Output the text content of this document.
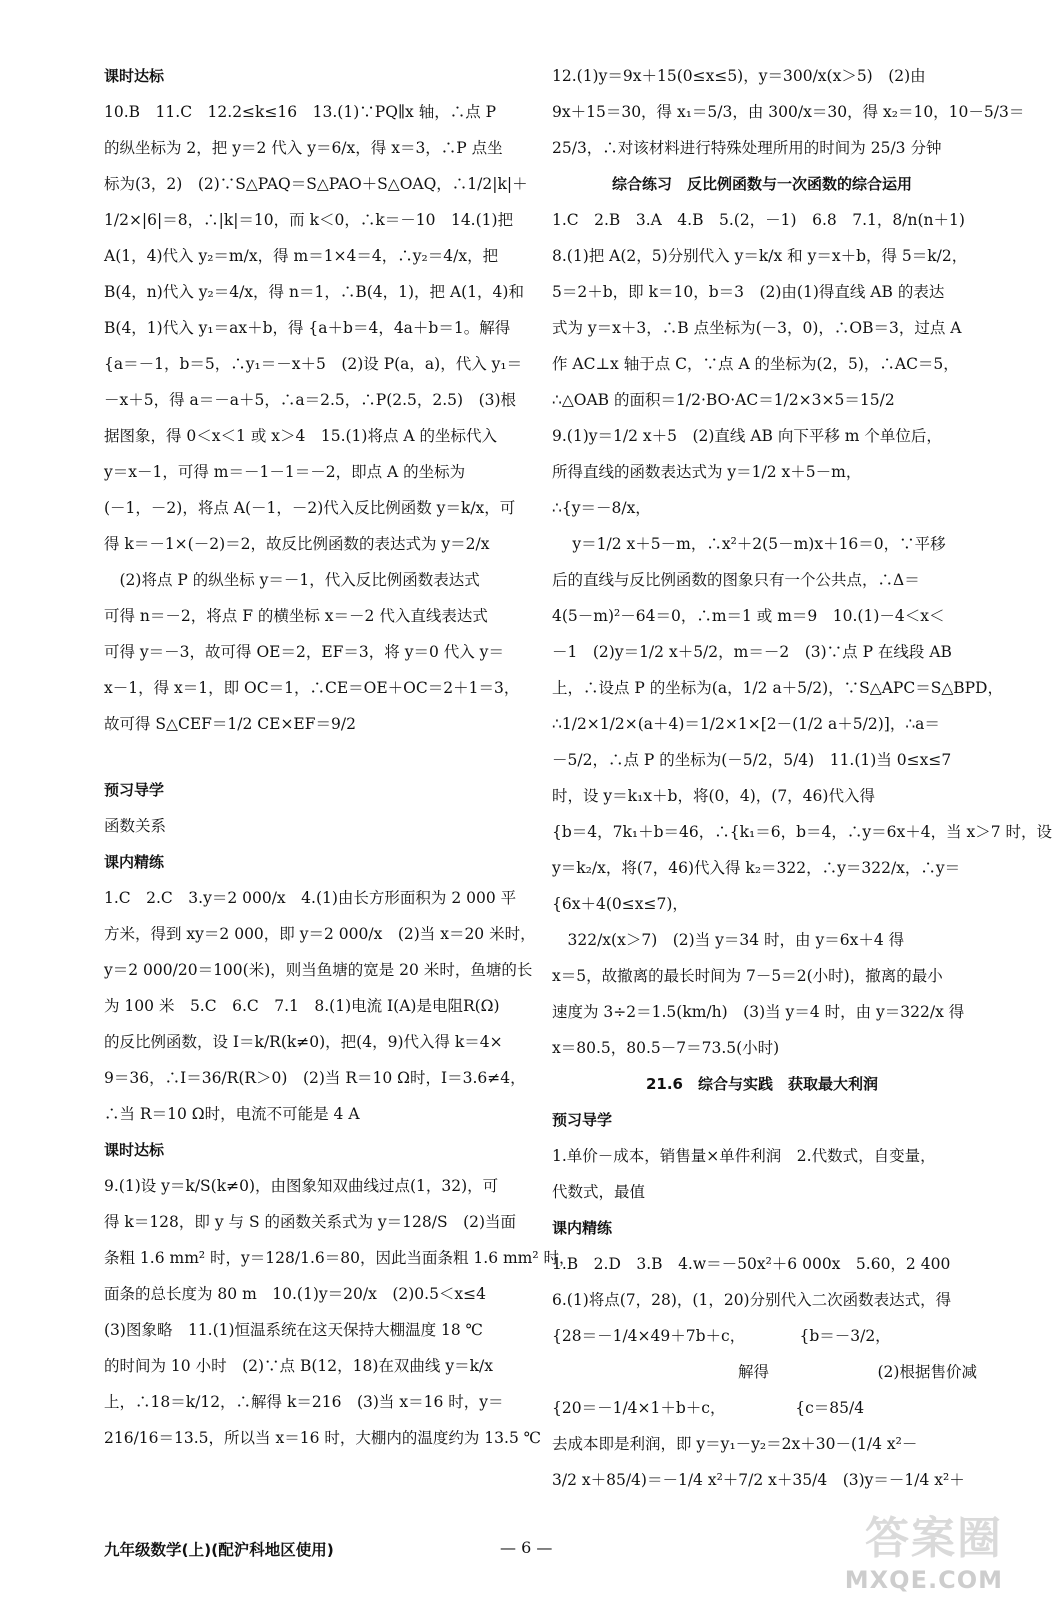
课时达标
10.B　11.C　12.2≤k≤16　13.(1)∵PQ∥x 轴，∴点 P
的纵坐标为 2，把 y＝2 代入 y＝6/x，得 x＝3，∴P 点坐
标为(3，2)　(2)∵S△PAQ＝S△PAO＋S△OAQ，∴1/2|k|＋
1/2×|6|＝8，∴|k|＝10，而 k＜0，∴k＝－10　14.(1)把
A(1，4)代入 y₂＝m/x，得 m＝1×4＝4，∴y₂＝4/x，把
B(4，n)代入 y₂＝4/x，得 n＝1，∴B(4，1)，把 A(1，4)和
B(4，1)代入 y₁＝ax＋b，得 {a＋b＝4，4a＋b＝1。解得
{a＝－1，b＝5，∴y₁＝－x＋5　(2)设 P(a，a)，代入 y₁＝
－x＋5，得 a＝－a＋5，∴a＝2.5，∴P(2.5，2.5)　(3)根
据图象，得 0＜x＜1 或 x＞4　15.(1)将点 A 的坐标代入
y＝x－1，可得 m＝－1－1＝－2，即点 A 的坐标为
(－1，－2)，将点 A(－1，－2)代入反比例函数 y＝k/x，可
得 k＝－1×(－2)＝2，故反比例函数的表达式为 y＝2/x
　(2)将点 P 的纵坐标 y＝－1，代入反比例函数表达式
可得 n＝－2，将点 F 的横坐标 x＝－2 代入直线表达式
可得 y＝－3，故可得 OE＝2，EF＝3，将 y＝0 代入 y＝
x－1，得 x＝1，即 OC＝1，∴CE＝OE＋OC＝2＋1＝3，
故可得 S△CEF＝1/2 CE×EF＝9/2
预习导学
函数关系
课内精练
1.C　2.C　3.y＝2 000/x　4.(1)由长方形面积为 2 000 平
方米，得到 xy＝2 000，即 y＝2 000/x　(2)当 x＝20 米时，
y＝2 000/20＝100(米)，则当鱼塘的宽是 20 米时，鱼塘的长
为 100 米　5.C　6.C　7.1　8.(1)电流 I(A)是电阻R(Ω)
的反比例函数，设 I＝k/R(k≠0)，把(4，9)代入得 k＝4×
9＝36，∴I＝36/R(R＞0)　(2)当 R＝10 Ω时，I＝3.6≠4，
∴当 R＝10 Ω时，电流不可能是 4 A
课时达标
9.(1)设 y＝k/S(k≠0)，由图象知双曲线过点(1，32)，可
得 k＝128，即 y 与 S 的函数关系式为 y＝128/S　(2)当面
条粗 1.6 mm² 时，y＝128/1.6＝80，因此当面条粗 1.6 mm² 时，
面条的总长度为 80 m　10.(1)y＝20/x　(2)0.5＜x≤4
(3)图象略　11.(1)恒温系统在这天保持大棚温度 18 ℃
的时间为 10 小时　(2)∵点 B(12，18)在双曲线 y＝k/x
上，∴18＝k/12，∴解得 k＝216　(3)当 x＝16 时，y＝
216/16＝13.5，所以当 x＝16 时，大棚内的温度约为 13.5 ℃
12.(1)y＝9x＋15(0≤x≤5)，y＝300/x(x＞5)　(2)由
9x＋15＝30，得 x₁＝5/3，由 300/x＝30，得 x₂＝10，10－5/3＝
25/3，∴对该材料进行特殊处理所用的时间为 25/3 分钟
综合练习　反比例函数与一次函数的综合运用
1.C　2.B　3.A　4.B　5.(2，－1)　6.8　7.1，8/n(n＋1)
8.(1)把 A(2，5)分别代入 y＝k/x 和 y＝x＋b，得 5＝k/2，
5＝2＋b，即 k＝10，b＝3　(2)由(1)得直线 AB 的表达
式为 y＝x＋3，∴B 点坐标为(－3，0)，∴OB＝3，过点 A
作 AC⊥x 轴于点 C，∵点 A 的坐标为(2，5)，∴AC＝5，
∴△OAB 的面积＝1/2·BO·AC＝1/2×3×5＝15/2
9.(1)y＝1/2 x＋5　(2)直线 AB 向下平移 m 个单位后，
所得直线的函数表达式为 y＝1/2 x＋5－m，
∴{y＝－8/x，
　 y＝1/2 x＋5－m，∴x²＋2(5－m)x＋16＝0，∵平移
后的直线与反比例函数的图象只有一个公共点，∴Δ＝
4(5－m)²－64＝0，∴m＝1 或 m＝9　10.(1)－4＜x＜
－1　(2)y＝1/2 x＋5/2，m＝－2　(3)∵点 P 在线段 AB
上，∴设点 P 的坐标为(a，1/2 a＋5/2)，∵S△APC＝S△BPD，
∴1/2×1/2×(a＋4)＝1/2×1×[2－(1/2 a＋5/2)]，∴a＝
－5/2，∴点 P 的坐标为(－5/2，5/4)　11.(1)当 0≤x≤7
时，设 y＝k₁x＋b，将(0，4)，(7，46)代入得
{b＝4，7k₁＋b＝46，∴{k₁＝6，b＝4，∴y＝6x＋4，当 x＞7 时，设
y＝k₂/x，将(7，46)代入得 k₂＝322，∴y＝322/x，∴y＝
{6x＋4(0≤x≤7)，
　322/x(x＞7)　(2)当 y＝34 时，由 y＝6x＋4 得
x＝5，故撤离的最长时间为 7－5＝2(小时)，撤离的最小
速度为 3÷2＝1.5(km/h)　(3)当 y＝4 时，由 y＝322/x 得
x＝80.5，80.5－7＝73.5(小时)
21.6　综合与实践　获取最大利润
预习导学
1.单价－成本，销售量×单件利润　2.代数式，自变量，
代数式，最值
课内精练
1.B　2.D　3.B　4.w＝－50x²＋6 000x　5.60，2 400
6.(1)将点(7，28)，(1，20)分别代入二次函数表达式，得
{28＝－1/4×49＋7b＋c，　　　　{b＝－3/2，
　　　　　　　　　　　　解得　　　　　　　(2)根据售价减
{20＝－1/4×1＋b＋c，　　　　　{c＝85/4
去成本即是利润，即 y＝y₁－y₂＝2x＋30－(1/4 x²－
3/2 x＋85/4)＝－1/4 x²＋7/2 x＋35/4　(3)y＝－1/4 x²＋
九年级数学(上)(配沪科地区使用)	— 6 —	答案圈
MXQE.COM
